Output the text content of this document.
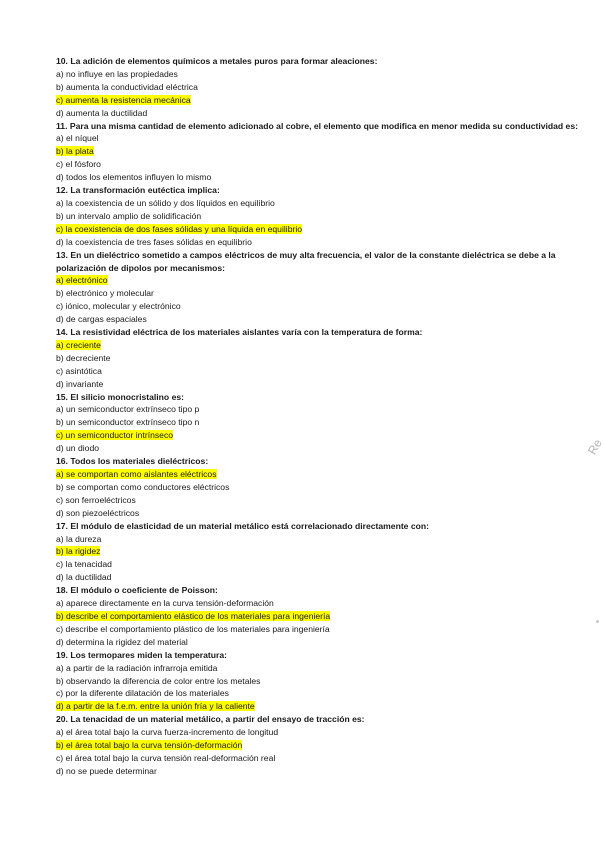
10. La adición de elementos químicos a metales puros para formar aleaciones:
a) no influye en las propiedades
b) aumenta la conductividad eléctrica
c) aumenta la resistencia mecánica
d) aumenta la ductilidad
11. Para una misma cantidad de elemento adicionado al cobre, el elemento que modifica en menor medida su conductividad es:
a) el níquel
b) la plata
c) el fósforo
d) todos los elementos influyen lo mismo
12. La transformación eutéctica implica:
a) la coexistencia de un sólido y dos líquidos en equilibrio
b) un intervalo amplio de solidificación
c) la coexistencia de dos fases sólidas y una líquida en equilibrio
d) la coexistencia de tres fases sólidas en equilibrio
13. En un dieléctrico sometido a campos eléctricos de muy alta frecuencia, el valor de la constante dieléctrica se debe a la polarización de dipolos por mecanismos:
a) electrónico
b) electrónico y molecular
c) iónico, molecular y electrónico
d) de cargas espaciales
14. La resistividad eléctrica de los materiales aislantes varía con la temperatura de forma:
a) creciente
b) decreciente
c) asintótica
d) invariante
15. El silicio monocristalino es:
a) un semiconductor extrínseco tipo p
b) un semiconductor extrínseco tipo n
c) un semiconductor intrínseco
d) un diodo
16. Todos los materiales dieléctricos:
a) se comportan como aislantes eléctricos
b) se comportan como conductores eléctricos
c) son ferroeléctricos
d) son piezoeléctricos
17. El módulo de elasticidad de un material metálico está correlacionado directamente con:
a) la dureza
b) la rigidez
c) la tenacidad
d) la ductilidad
18. El módulo o coeficiente de Poisson:
a) aparece directamente en la curva tensión-deformación
b) describe el comportamiento elástico de los materiales para ingeniería
c) describe el comportamiento plástico de los materiales para ingeniería
d) determina la rigidez del material
19. Los termopares miden la temperatura:
a) a partir de la radiación infrarroja emitida
b) observando la diferencia de color entre los metales
c) por la diferente dilatación de los materiales
d) a partir de la f.e.m. entre la unión fría y la caliente
20. La tenacidad de un material metálico, a partir del ensayo de tracción es:
a) el área total bajo la curva fuerza-incremento de longitud
b) el área total bajo la curva tensión-deformación
c) el área total bajo la curva tensión real-deformación real
d) no se puede determinar
Re
